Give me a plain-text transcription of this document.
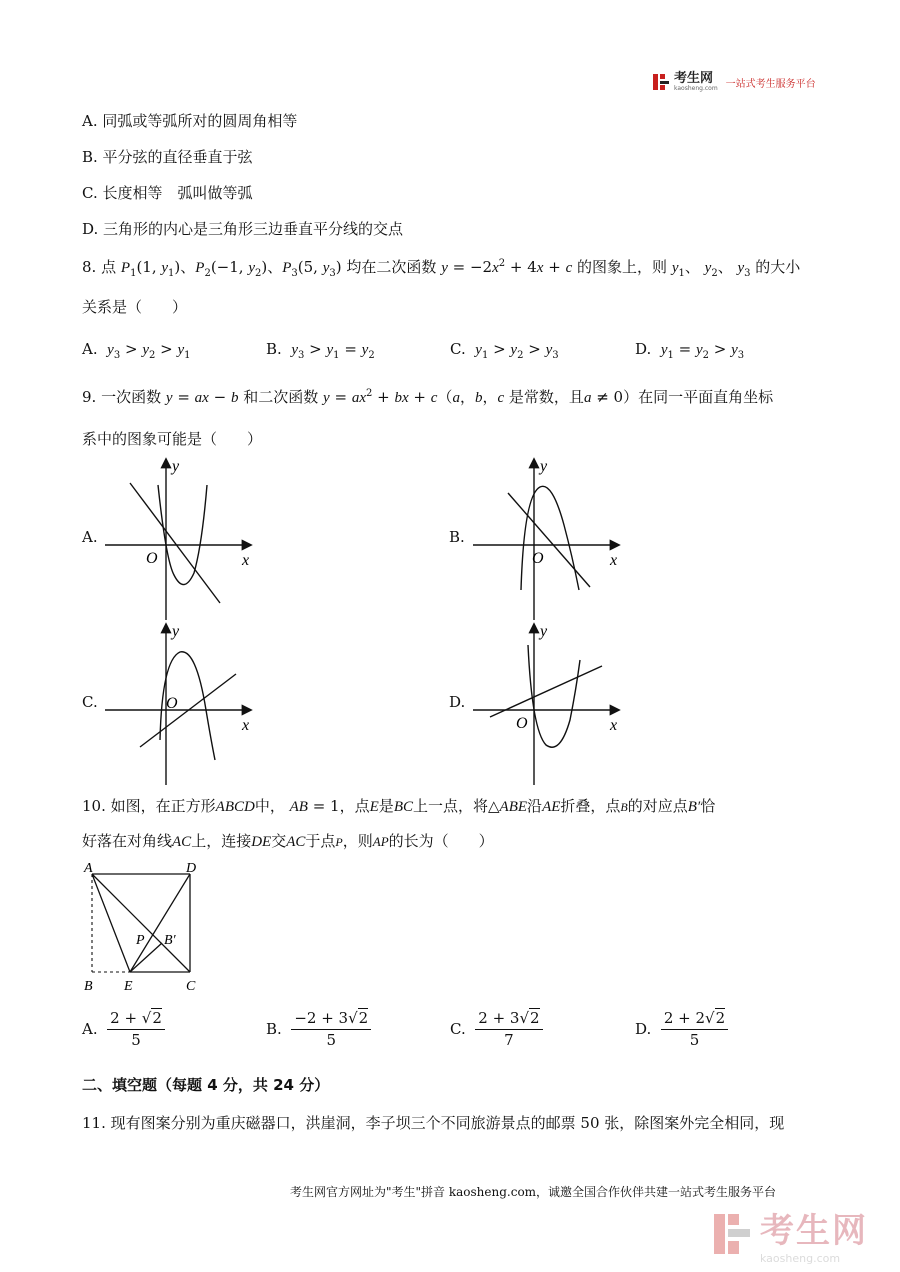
考生网
kaosheng.com 一站式考生服务平台
A. 同弧或等弧所对的圆周角相等
B. 平分弦的直径垂直于弦
C. 长度相等　弧叫做等弧
D. 三角形的内心是三角形三边垂直平分线的交点
8. 点 $P_1(1$, $y_1$)、$P_2(-1$, $y_2$)、$P_3(5$, $y_3$) 均在二次函数 $y = -2x^2 + 4x + c$ 的图象上，则 $y_1$、 $y_2$、 $y_3$ 的大小
关系是（　　）
A. $y_3 > y_2 > y_1$	B. $y_3 > y_1 = y_2$	C. $y_1 > y_2 > y_3$	D. $y_1 = y_2 > y_3$
9. 一次函数 y = ax − b 和二次函数 $y = ax^2$ + bx + c（a，b，c 是常数，且a ≠ 0）在同一平面直角坐标
系中的图象可能是（　　）
A.	B.
C.	D.
y
x
O
y
x
O
y
x
O
y
x
O
10. 如图，在正方形ABCD中， AB = 1，点E是BC上一点，将△ABE沿AE折叠，点B的对应点B′恰
好落在对角线AC上，连接DE交AC于点P，则AP的长为（　　）
A	D
B E	C
P B′
A. $\frac{2 + √2}{5}$	B. $\frac{-2 + 3√2}{5}$	C. $\frac{2 + 3√2}{7}$	D. $\frac{2 + 2√2}{5}$
二、填空题（每题 4 分，共 24 分）
11. 现有图案分别为重庆磁器口，洪崖洞，李子坝三个不同旅游景点的邮票 50 张，除图案外完全相同，现
考生网官方网址为"考生"拼音 kaosheng.com，诚邀全国合作伙伴共建一站式考生服务平台
考生网
kaosheng.com
